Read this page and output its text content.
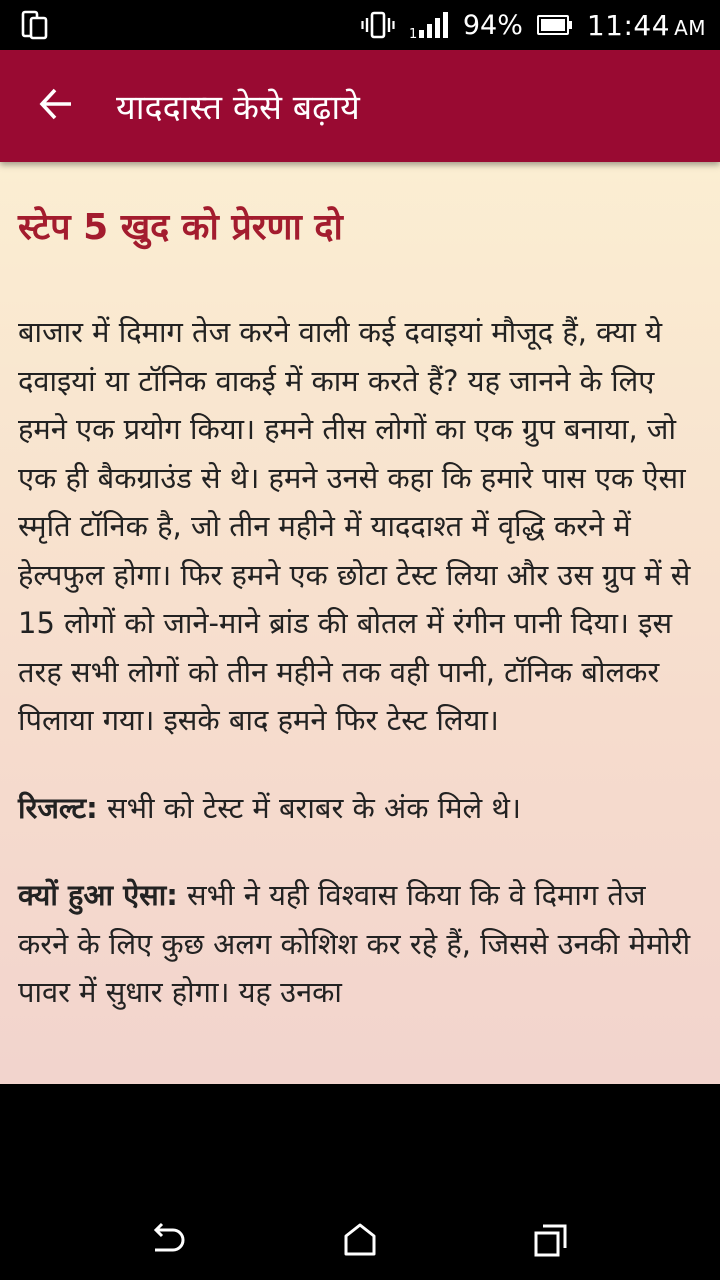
1 94% 11:44 AM
याददास्त केसे बढ़ाये
स्टेप 5 खुद को प्रेरणा दो

बाजार में दिमाग तेज करने वाली कई दवाइयां मौजूद हैं, क्या ये दवाइयां या टॉनिक वाकई में काम करते हैं? यह जानने के लिए हमने एक प्रयोग किया। हमने तीस लोगों का एक ग्रुप बनाया, जो एक ही बैकग्राउंड से थे। हमने उनसे कहा कि हमारे पास एक ऐसा स्मृति टॉनिक है, जो तीन महीने में याददाश्त में वृद्धि करने में हेल्पफुल होगा। फिर हमने एक छोटा टेस्ट लिया और उस ग्रुप में से 15 लोगों को जाने-माने ब्रांड की बोतल में रंगीन पानी दिया। इस तरह सभी लोगों को तीन महीने तक वही पानी, टॉनिक बोलकर पिलाया गया। इसके बाद हमने फिर टेस्ट लिया।

रिजल्ट: सभी को टेस्ट में बराबर के अंक मिले थे।

क्यों हुआ ऐसा: सभी ने यही विश्वास किया कि वे दिमाग तेज करने के लिए कुछ अलग कोशिश कर रहे हैं, जिससे उनकी मेमोरी पावर में सुधार होगा। यह उनका
